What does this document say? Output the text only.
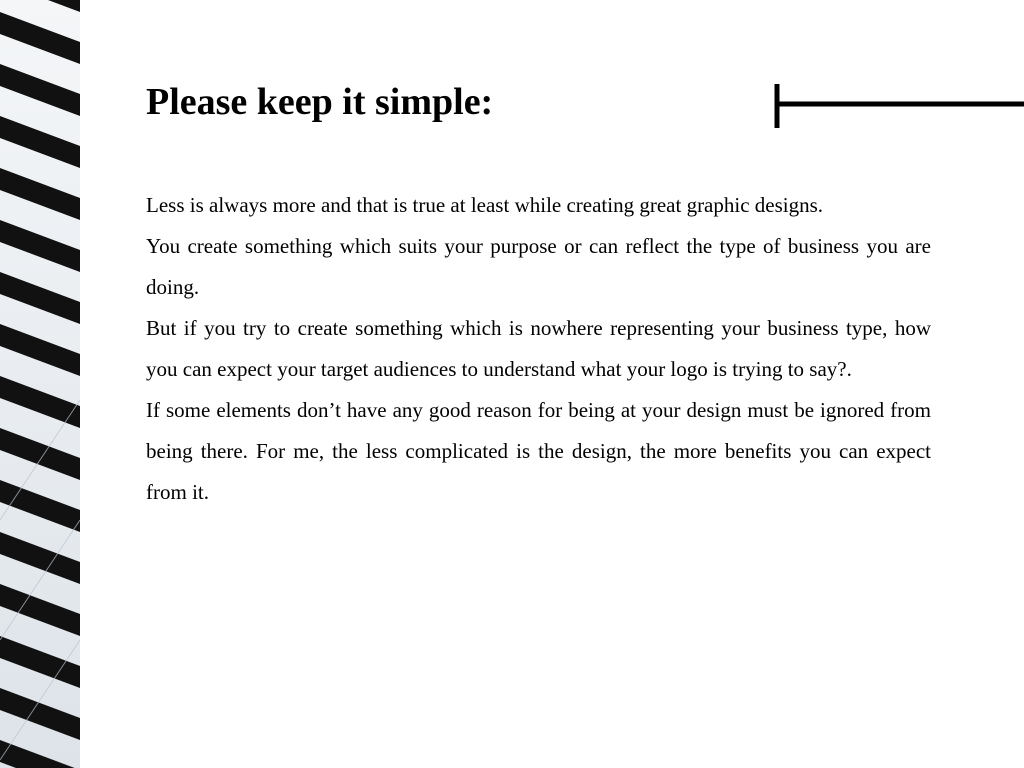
Please keep it simple:

Less is always more and that is true at least while creating great graphic designs.

You create something which suits your purpose or can reflect the type of business you are doing.

But if you try to create something which is nowhere representing your business type, how you can expect your target audiences to understand what your logo is trying to say?.

If some elements don’t have any good reason for being at your design must be ignored from being there. For me, the less complicated is the design, the more benefits you can expect from it.
